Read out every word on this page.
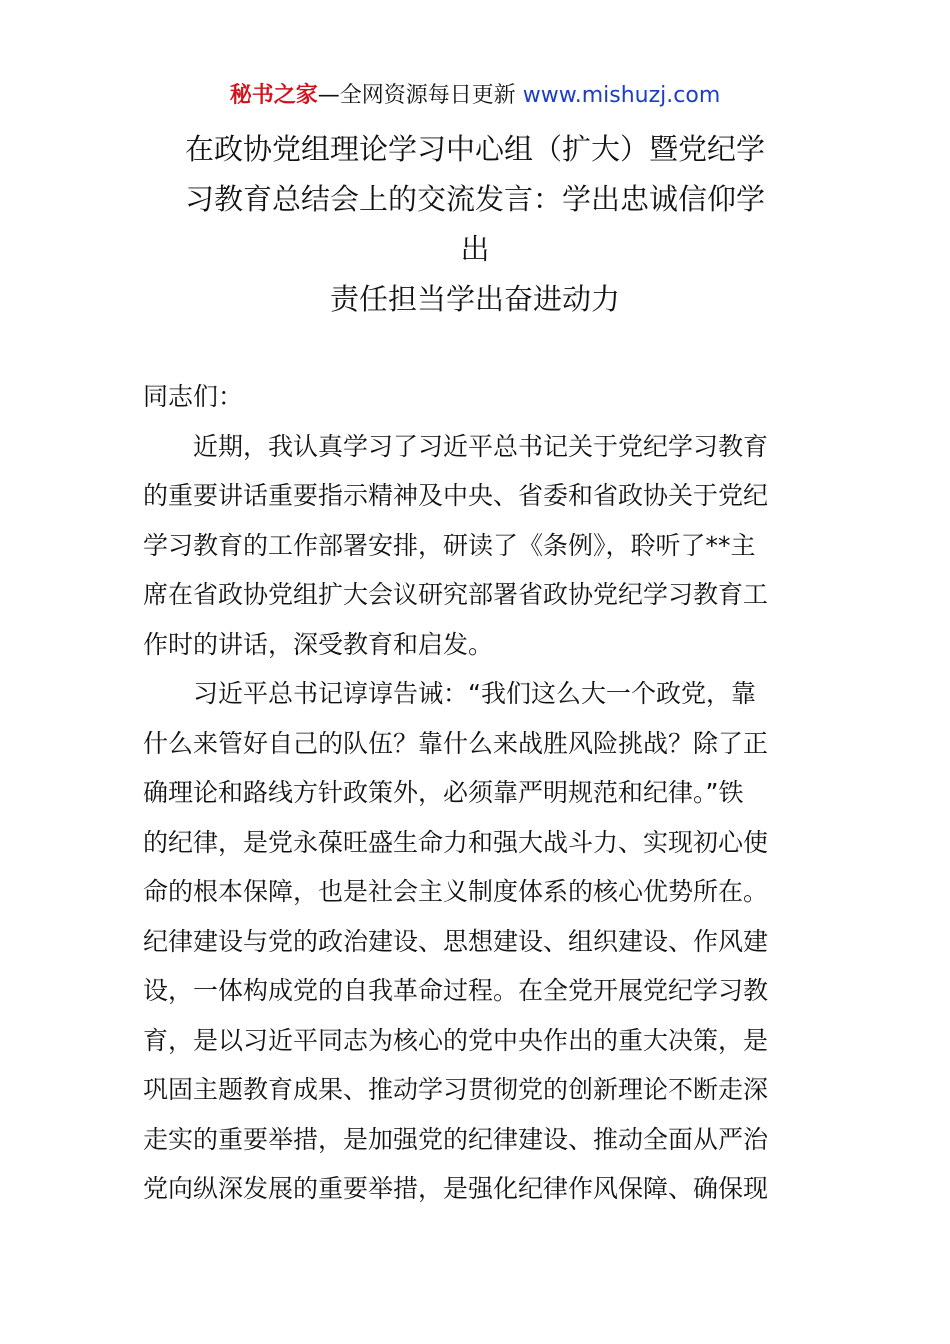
秘书之家—全网资源每日更新 www.mishuzj.com
在政协党组理论学习中心组（扩大）暨党纪学
习教育总结会上的交流发言：学出忠诚信仰学
出
责任担当学出奋进动力

同志们：

近期，我认真学习了习近平总书记关于党纪学习教育
的重要讲话重要指示精神及中央、省委和省政协关于党纪
学习教育的工作部署安排，研读了《条例》，聆听了**主
席在省政协党组扩大会议研究部署省政协党纪学习教育工
作时的讲话，深受教育和启发。

习近平总书记谆谆告诫：“我们这么大一个政党，靠
什么来管好自己的队伍？靠什么来战胜风险挑战？除了正
确理论和路线方针政策外，必须靠严明规范和纪律。”铁
的纪律，是党永葆旺盛生命力和强大战斗力、实现初心使
命的根本保障，也是社会主义制度体系的核心优势所在。
纪律建设与党的政治建设、思想建设、组织建设、作风建
设，一体构成党的自我革命过程。在全党开展党纪学习教
育，是以习近平同志为核心的党中央作出的重大决策，是
巩固主题教育成果、推动学习贯彻党的创新理论不断走深
走实的重要举措，是加强党的纪律建设、推动全面从严治
党向纵深发展的重要举措，是强化纪律作风保障、确保现
